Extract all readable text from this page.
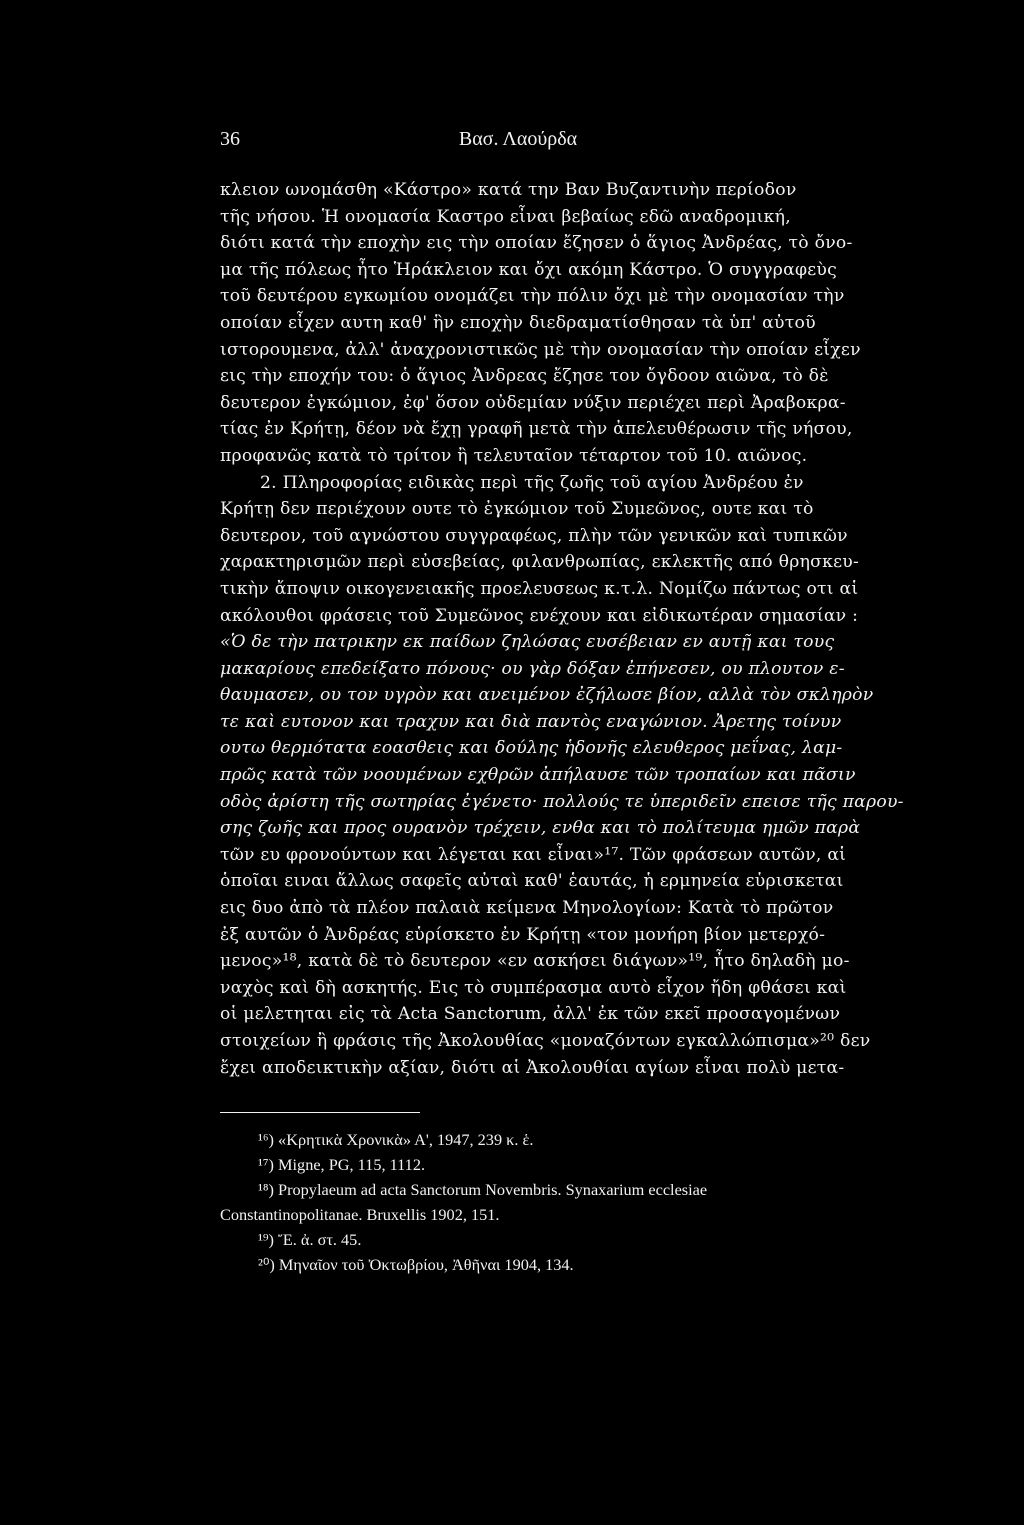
36	Βασ. Λαούρδα
κλειον ωνομάσθη «Κάστρο» κατά την Βαν Βυζαντινὴν περίοδον
τῆς νήσου. Ἡ ονομασία Καστρο εἶναι βεβαίως εδῶ αναδρομική,
διότι κατά τὴν εποχὴν εις τὴν οποίαν ἔζησεν ὁ ἅγιος Ἀνδρέας, τὸ ὄνο-
μα τῆς πόλεως ἦτο Ἡράκλειον και ὄχι ακόμη Κάστρο. Ὁ συγγραφεὺς
τοῦ δευτέρου εγκωμίου ονομάζει τὴν πόλιν ὄχι μὲ τὴν ονομασίαν τὴν
οποίαν εἶχεν αυτη καθ' ἣν εποχὴν διεδραματίσθησαν τὰ ὑπ' αὐτοῦ
ιστορουμενα, ἀλλ' ἀναχρονιστικῶς μὲ τὴν ονομασίαν τὴν οποίαν εἶχεν
εις τὴν εποχήν του: ὁ ἅγιος Ἀνδρεας ἔζησε τον ὄγδοον αιῶνα, τὸ δὲ
δευτερον ἐγκώμιον, ἐφ' ὅσον οὐδεμίαν νύξιν περιέχει περὶ Ἀραβοκρα-
τίας ἐν Κρήτῃ, δέον νὰ ἔχῃ γραφῆ μετὰ τὴν ἀπελευθέρωσιν τῆς νήσου,
προφανῶς κατὰ τὸ τρίτον ἢ τελευταῖον τέταρτον τοῦ 10. αιῶνος.
2. Πληροφορίας ειδικὰς περὶ τῆς ζωῆς τοῦ αγίου Ἀνδρέου ἐν
Κρήτῃ δεν περιέχουν ουτε τὸ ἐγκώμιον τοῦ Συμεῶνος, ουτε και τὸ
δευτερον, τοῦ αγνώστου συγγραφέως, πλὴν τῶν γενικῶν καὶ τυπικῶν
χαρακτηρισμῶν περὶ εὐσεβείας, φιλανθρωπίας, εκλεκτῆς από θρησκευ-
τικὴν ἄποψιν οικογενειακῆς προελευσεως κ.τ.λ. Νομίζω πάντως οτι αἱ
ακόλουθοι φράσεις τοῦ Συμεῶνος ενέχουν και εἰδικωτέραν σημασίαν :
«Ὁ δε τὴν πατρικην εκ παίδων ζηλώσας ευσέβειαν εν αυτῇ και τους
μακαρίους επεδείξατο πόνους· ου γὰρ δόξαν ἐπήνεσεν, ου πλουτον ε-
θαυμασεν, ου τον υγρὸν και ανειμένον ἐζήλωσε βίον, αλλὰ τὸν σκληρὸν
τε καὶ ευτονον και τραχυν και διὰ παντὸς εναγώνιον. Ἀρετης τοίνυν
ουτω θερμότατα εοασθεις και δούλης ἡδονῆς ελευθερος μεΐνας, λαμ-
πρῶς κατὰ τῶν νοουμένων εχθρῶν ἀπήλαυσε τῶν τροπαίων και πᾶσιν
οδὸς ἀρίστη τῆς σωτηρίας ἐγένετο· πολλούς τε ὑπεριδεῖν επεισε τῆς παρου-
σης ζωῆς και προς ουρανὸν τρέχειν, ενθα και τὸ πολίτευμα ημῶν παρὰ
τῶν ευ φρονούντων και λέγεται και εἶναι»¹⁷. Τῶν φράσεων αυτῶν, αἱ
ὁποῖαι ειναι ἄλλως σαφεῖς αὐταὶ καθ' ἑαυτάς, ἡ ερμηνεία εὑρισκεται
εις δυο ἀπὸ τὰ πλέον παλαιὰ κείμενα Μηνολογίων: Κατὰ τὸ πρῶτον
ἐξ αυτῶν ὁ Ἀνδρέας εὑρίσκετο ἐν Κρήτῃ «τον μονήρη βίον μετερχό-
μενος»¹⁸, κατὰ δὲ τὸ δευτερον «εν ασκήσει διάγων»¹⁹, ἦτο δηλαδὴ μο-
ναχὸς καὶ δὴ ασκητής. Εις τὸ συμπέρασμα αυτὸ εἶχον ἤδη φθάσει καὶ
οἱ μελετηται εἰς τὰ Acta Sanctorum, ἀλλ' ἐκ τῶν εκεῖ προσαγομένων
στοιχείων ἢ φράσις τῆς Ἀκολουθίας «μοναζόντων εγκαλλώπισμα»²⁰ δεν
ἔχει αποδεικτικὴν αξίαν, διότι αἱ Ἀκολουθίαι αγίων εἶναι πολὺ μετα-
¹⁶) «Κρητικὰ Χρονικὰ» Α', 1947, 239 κ. ἑ.
¹⁷) Migne, PG, 115, 1112.
¹⁸) Propylaeum ad acta Sanctorum Novembris. Synaxarium ecclesiae
Constantinopolitanae. Bruxellis 1902, 151.
¹⁹) Ἔ. ἀ. στ. 45.
²⁰) Μηναῖον τοῦ Ὀκτωβρίου, Ἀθῆναι 1904, 134.
